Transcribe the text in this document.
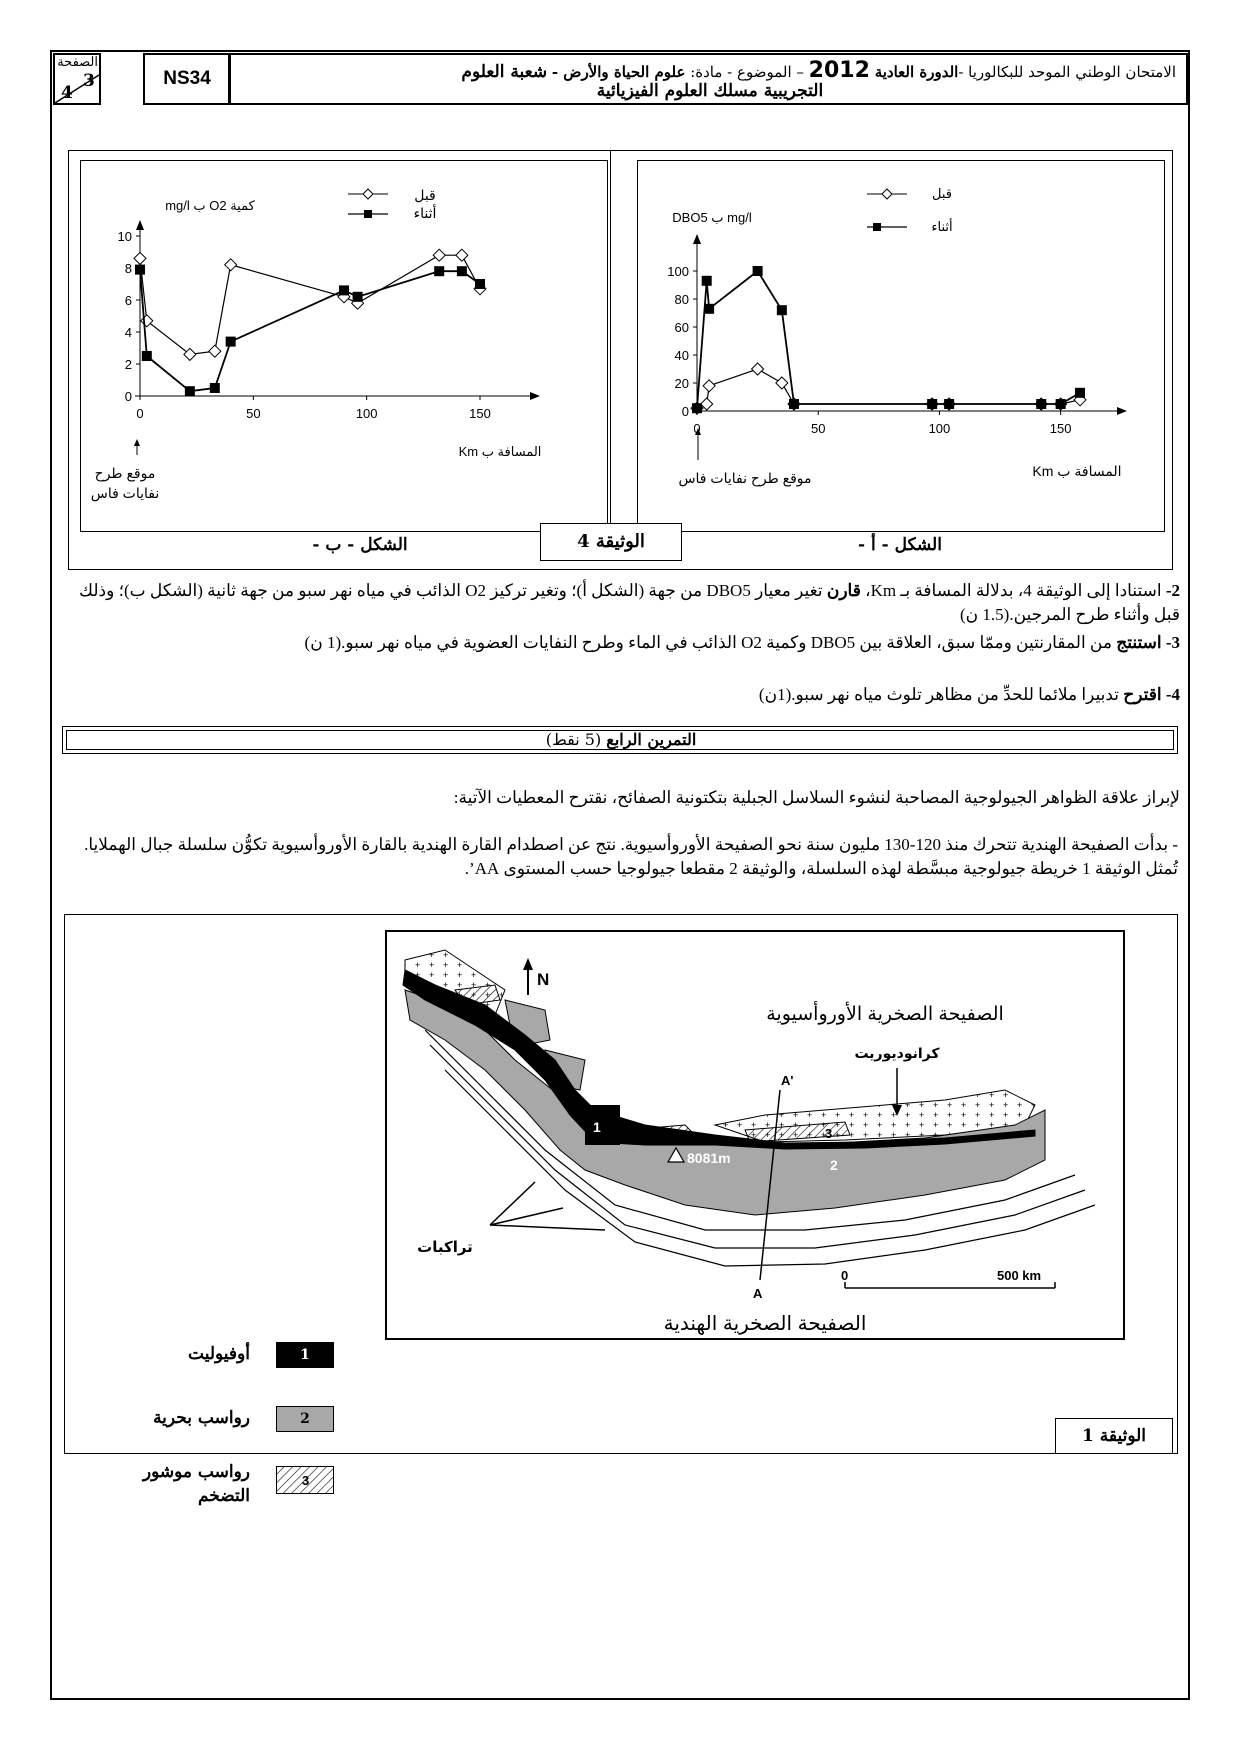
الصفحة
3
4
NS34	الامتحان الوطني الموحد للبكالوريا -الدورة العادية 2012 – الموضوع - مادة: علوم الحياة والأرض - شعبة العلوم
التجريبية مسلك العلوم الفيزيائية
كمية O2 ب mg/l
المسافة ب Km
موقع طرح
نفايات فاس
قبل
أثناء
0
2
4
6
8
10
0	50	100	150
mg/l ب DBO5
المسافة ب Km
موقع طرح نفايات فاس
قبل
أثناء
0
20
40
60
80
100
0	50	100	150
الوثيقة 4
الشكل - ب -	الشكل - أ -
2- استنادا إلى الوثيقة 4، بدلالة المسافة بـ Km، قارن تغير معيار DBO5 من جهة (الشكل أ)؛ وتغير تركيز O2 الذائب في مياه نهر سبو من جهة ثانية (الشكل ب)؛ وذلك قبل وأثناء طرح المرجين.(1.5 ن)
3- استنتج من المقارنتين وممّا سبق، العلاقة بين DBO5 وكمية O2 الذائب في الماء وطرح النفايات العضوية في مياه نهر سبو.(1 ن)
4- اقترح تدبيرا ملائما للحدِّ من مظاهر تلوث مياه نهر سبو.(1ن)
التمرين الرابع (5 نقط)
لإبراز علاقة الظواهر الجيولوجية المصاحبة لنشوء السلاسل الجبلية بتكتونية الصفائح، نقترح المعطيات الآتية:
- بدأت الصفيحة الهندية تتحرك منذ 120-130 مليون سنة نحو الصفيحة الأوروأسيوية. نتج عن اصطدام القارة الهندية بالقارة الأوروأسيوية تكوُّن سلسلة جبال الهملايا. تُمثل الوثيقة 1 خريطة جيولوجية مبسَّطة لهذه السلسلة، والوثيقة 2 مقطعا جيولوجيا حسب المستوى AA’.
A'
A
N
الصفيحة الصخرية الأوروأسيوية
الصفيحة الصخرية الهندية
كرانوديوريت
تراكبات
8081m
1
2
3
0	500 km
1
أوفيوليت
2
رواسب بحرية
3
رواسب موشور التضخم
الوثيقة 1
